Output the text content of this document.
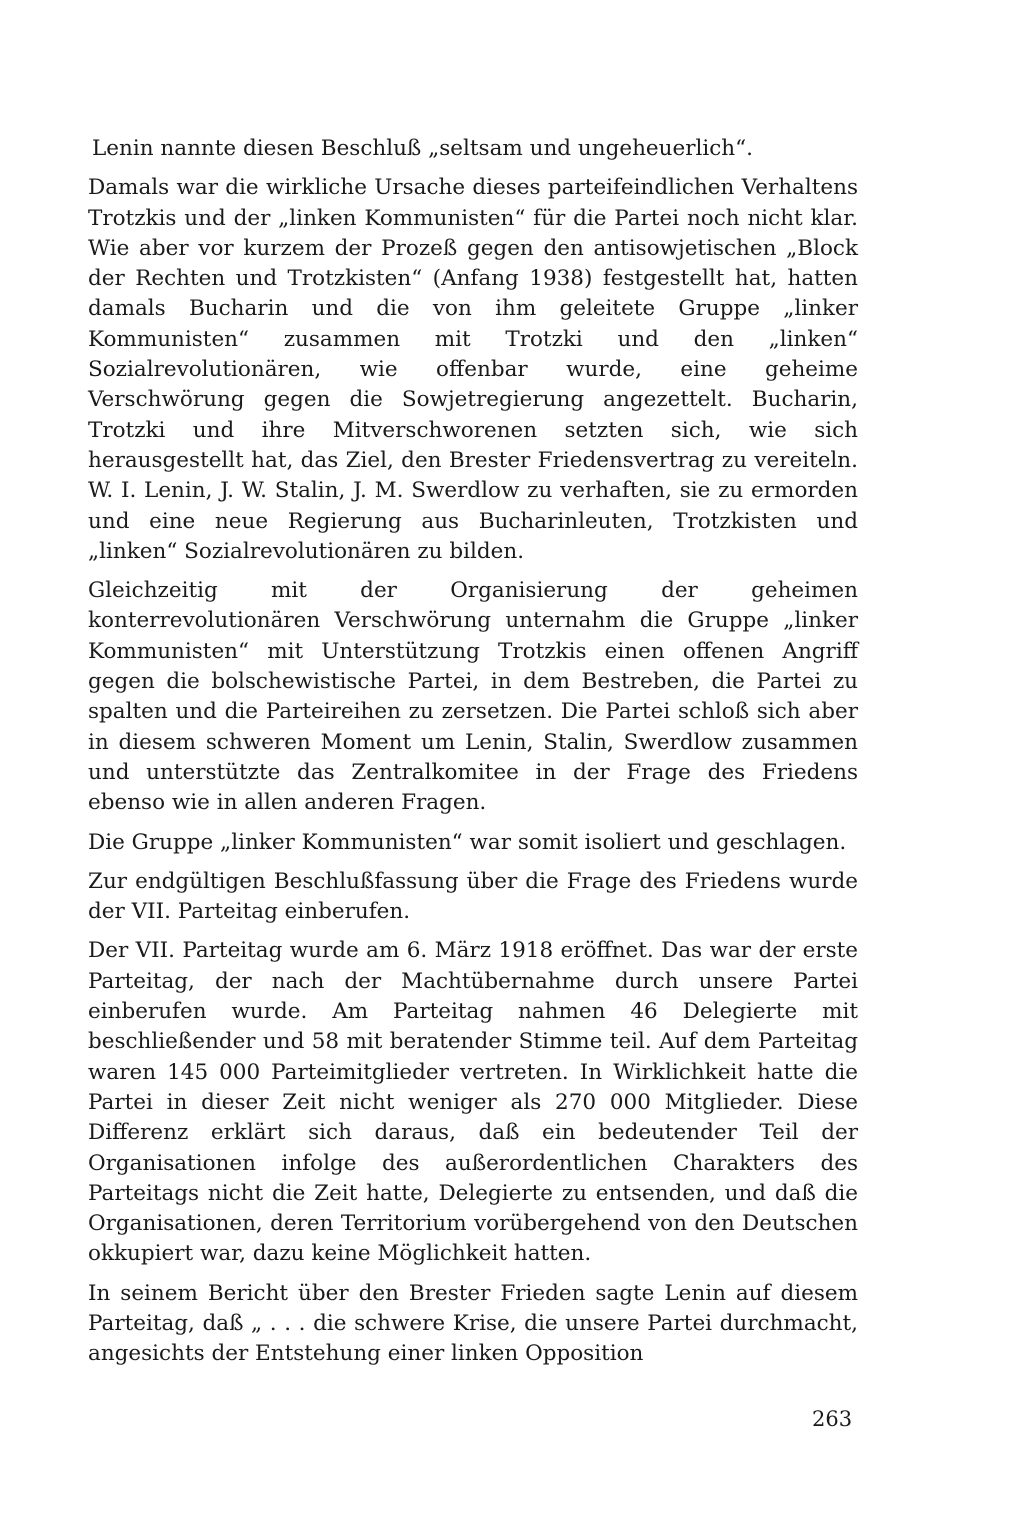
Lenin nannte diesen Beschluß „seltsam und ungeheuerlich“.

Damals war die wirkliche Ursache dieses parteifeindlichen Verhaltens Trotzkis und der „linken Kommunisten“ für die Partei noch nicht klar. Wie aber vor kurzem der Prozeß gegen den antisowjetischen „Block der Rechten und Trotzkisten“ (Anfang 1938) festgestellt hat, hatten damals Bucharin und die von ihm geleitete Gruppe „linker Kommunisten“ zusammen mit Trotzki und den „linken“ Sozialrevolutionären, wie offenbar wurde, eine geheime Verschwörung gegen die Sowjetregierung angezettelt. Bucharin, Trotzki und ihre Mitverschworenen setzten sich, wie sich herausgestellt hat, das Ziel, den Brester Friedensvertrag zu vereiteln. W. I. Lenin, J. W. Stalin, J. M. Swerdlow zu verhaften, sie zu ermorden und eine neue Regierung aus Bucharinleuten, Trotzkisten und „linken“ Sozialrevolutionären zu bilden.

Gleichzeitig mit der Organisierung der geheimen konterrevolutionären Verschwörung unternahm die Gruppe „linker Kommunisten“ mit Unterstützung Trotzkis einen offenen Angriff gegen die bolschewistische Partei, in dem Bestreben, die Partei zu spalten und die Parteireihen zu zersetzen. Die Partei schloß sich aber in diesem schweren Moment um Lenin, Stalin, Swerdlow zusammen und unterstützte das Zentralkomitee in der Frage des Friedens ebenso wie in allen anderen Fragen.

Die Gruppe „linker Kommunisten“ war somit isoliert und geschlagen.

Zur endgültigen Beschlußfassung über die Frage des Friedens wurde der VII. Parteitag einberufen.

Der VII. Parteitag wurde am 6. März 1918 eröffnet. Das war der erste Parteitag, der nach der Machtübernahme durch unsere Partei einberufen wurde. Am Parteitag nahmen 46 Delegierte mit beschließender und 58 mit beratender Stimme teil. Auf dem Parteitag waren 145 000 Parteimitglieder vertreten. In Wirklichkeit hatte die Partei in dieser Zeit nicht weniger als 270 000 Mitglieder. Diese Differenz erklärt sich daraus, daß ein bedeutender Teil der Organisationen infolge des außerordentlichen Charakters des Parteitags nicht die Zeit hatte, Delegierte zu entsenden, und daß die Organisationen, deren Territorium vorübergehend von den Deutschen okkupiert war, dazu keine Möglichkeit hatten.

In seinem Bericht über den Brester Frieden sagte Lenin auf diesem Parteitag, daß „ . . . die schwere Krise, die unsere Partei durchmacht, angesichts der Entstehung einer linken Opposition

263
